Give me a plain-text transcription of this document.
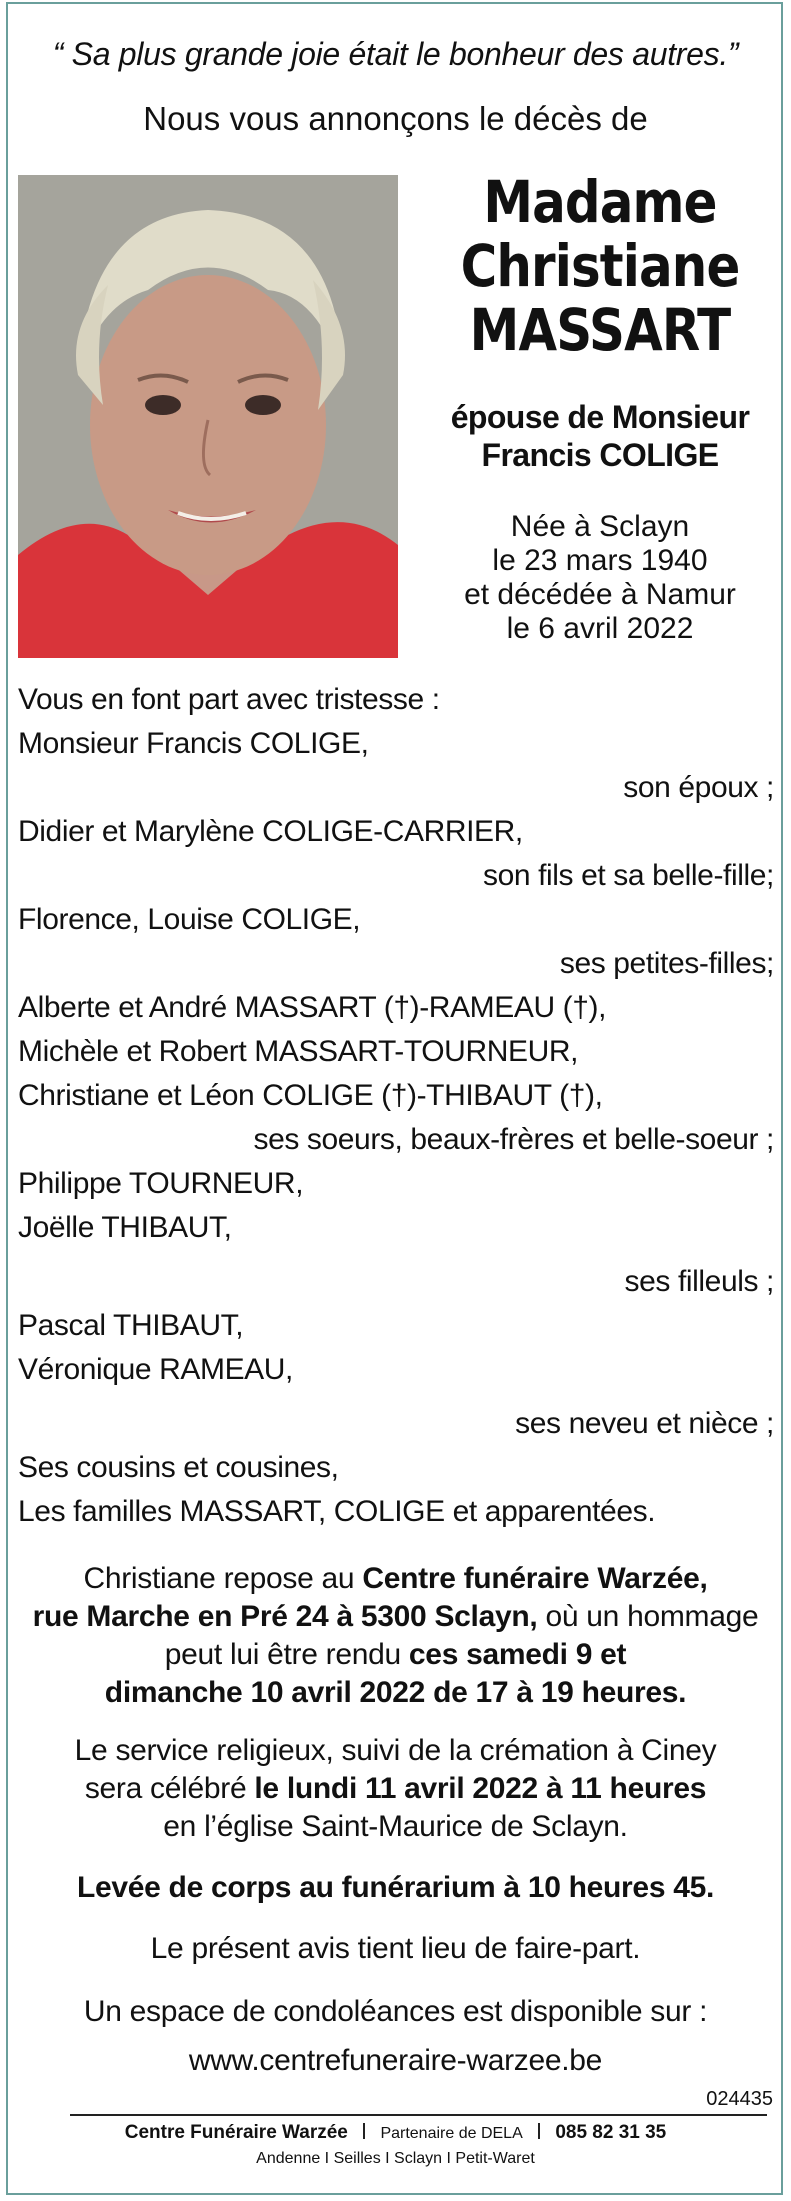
“ Sa plus grande joie était le bonheur des autres.”
Nous vous annonçons le décès de
Madame
Christiane
MASSART
épouse de Monsieur
Francis COLIGE
Née à Sclayn
le 23 mars 1940
et décédée à Namur
le 6 avril 2022
Vous en font part avec tristesse :
Monsieur Francis COLIGE,
son époux ;
Didier et Marylène COLIGE-CARRIER,
son fils et sa belle-fille;
Florence, Louise COLIGE,
ses petites-filles;
Alberte et André MASSART (†)-RAMEAU (†),
Michèle et Robert MASSART-TOURNEUR,
Christiane et Léon COLIGE (†)-THIBAUT (†),
ses soeurs, beaux-frères et belle-soeur ;
Philippe TOURNEUR,
Joëlle THIBAUT,
ses filleuls ;
Pascal THIBAUT,
Véronique RAMEAU,
ses neveu et nièce ;
Ses cousins et cousines,
Les familles MASSART, COLIGE et apparentées.
Christiane repose au Centre funéraire Warzée,
rue Marche en Pré 24 à 5300 Sclayn, où un hommage
peut lui être rendu ces samedi 9 et
dimanche 10 avril 2022 de 17 à 19 heures.
Le service religieux, suivi de la crémation à Ciney
sera célébré le lundi 11 avril 2022 à 11 heures
en l’église Saint-Maurice de Sclayn.
Levée de corps au funérarium à 10 heures 45.
Le présent avis tient lieu de faire-part.
Un espace de condoléances est disponible sur :
www.centrefuneraire-warzee.be
024435
Centre Funéraire Warzée Partenaire de DELA 085 82 31 35
Andenne I Seilles I Sclayn I Petit-Waret
